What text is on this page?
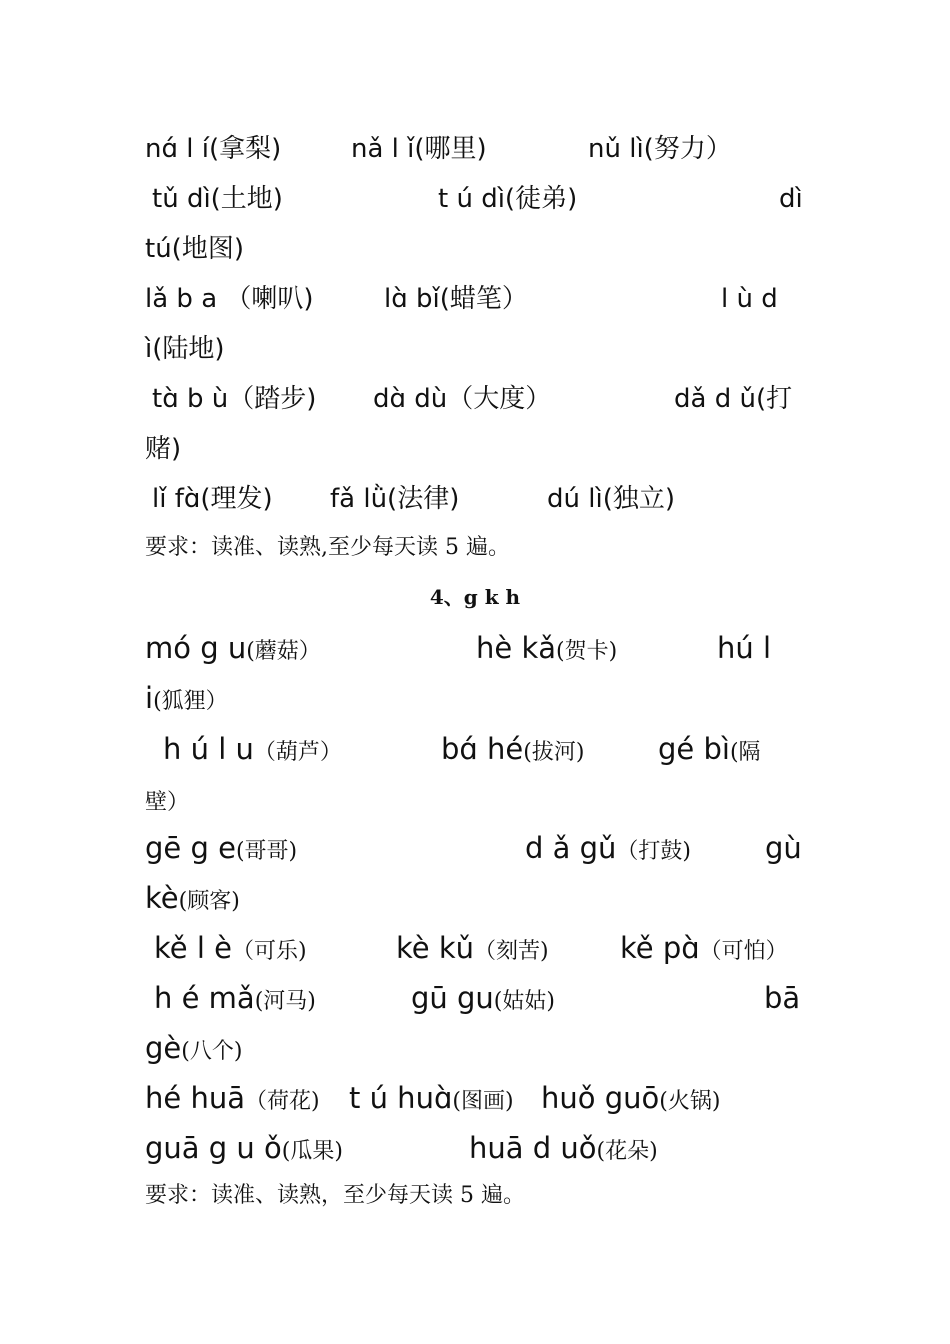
nɑ́ l í(拿梨)	nǎ l ǐ(哪里)	nǔ lì(努力）
tǔ dì(土地)	t ú dì(徒弟)	dì
tú(地图)
lǎ b a （喇叭)	lɑ̀ bǐ(蜡笔）	l ù d
ì(陆地)
tɑ̀ b ù（踏步) dɑ̀ dù（大度）	dǎ d ǔ(打
赌)
lǐ fɑ̀(理发) fǎ lǜ(法律)	dú lì(独立)
要求：读准、读熟,至少每天读 5 遍。
4、g k h
mó g u(蘑菇）	hè kǎ(贺卡)	hú l
i(狐狸）
h ú l u（葫芦）	bɑ́ hé(拔河)	gé bì(隔
壁）
gē g e(哥哥)	d ǎ gǔ（打鼓)	gù
kè(顾客)
kě l è（可乐)	kè kǔ（刻苦) kě pɑ̀（可怕）
h é mǎ(河马)	gū gu(姑姑)	bā
gè(八个)
hé huā（荷花) t ú huɑ̀(图画) huǒ guō(火锅)
guā g u ǒ(瓜果)	huā d uǒ(花朵)
要求：读准、读熟，至少每天读 5 遍。
